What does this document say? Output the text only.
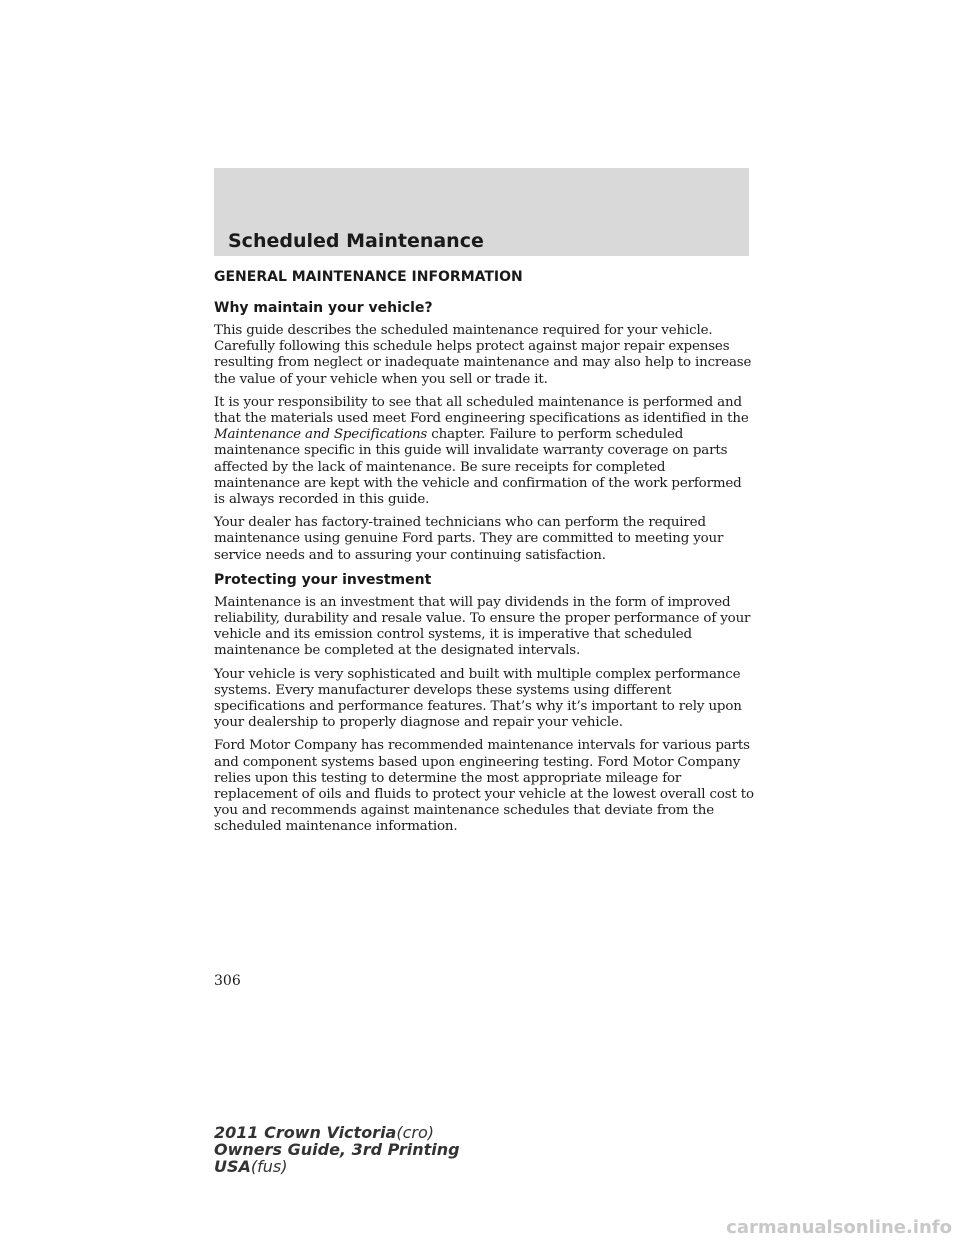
Scheduled Maintenance
GENERAL MAINTENANCE INFORMATION
Why maintain your vehicle?

This guide describes the scheduled maintenance required for your vehicle. Carefully following this schedule helps protect against major repair expenses resulting from neglect or inadequate maintenance and may also help to increase the value of your vehicle when you sell or trade it.

It is your responsibility to see that all scheduled maintenance is performed and that the materials used meet Ford engineering specifications as identified in the Maintenance and Specifications chapter. Failure to perform scheduled maintenance specific in this guide will invalidate warranty coverage on parts affected by the lack of maintenance. Be sure receipts for completed maintenance are kept with the vehicle and confirmation of the work performed is always recorded in this guide.

Your dealer has factory-trained technicians who can perform the required maintenance using genuine Ford parts. They are committed to meeting your service needs and to assuring your continuing satisfaction.

Protecting your investment

Maintenance is an investment that will pay dividends in the form of improved reliability, durability and resale value. To ensure the proper performance of your vehicle and its emission control systems, it is imperative that scheduled maintenance be completed at the designated intervals.

Your vehicle is very sophisticated and built with multiple complex performance systems. Every manufacturer develops these systems using different specifications and performance features. That’s why it’s important to rely upon your dealership to properly diagnose and repair your vehicle.

Ford Motor Company has recommended maintenance intervals for various parts and component systems based upon engineering testing. Ford Motor Company relies upon this testing to determine the most appropriate mileage for replacement of oils and fluids to protect your vehicle at the lowest overall cost to you and recommends against maintenance schedules that deviate from the scheduled maintenance information.

306
2011 Crown Victoria(cro)
Owners Guide, 3rd Printing
USA(fus)
carmanualsonline.info
